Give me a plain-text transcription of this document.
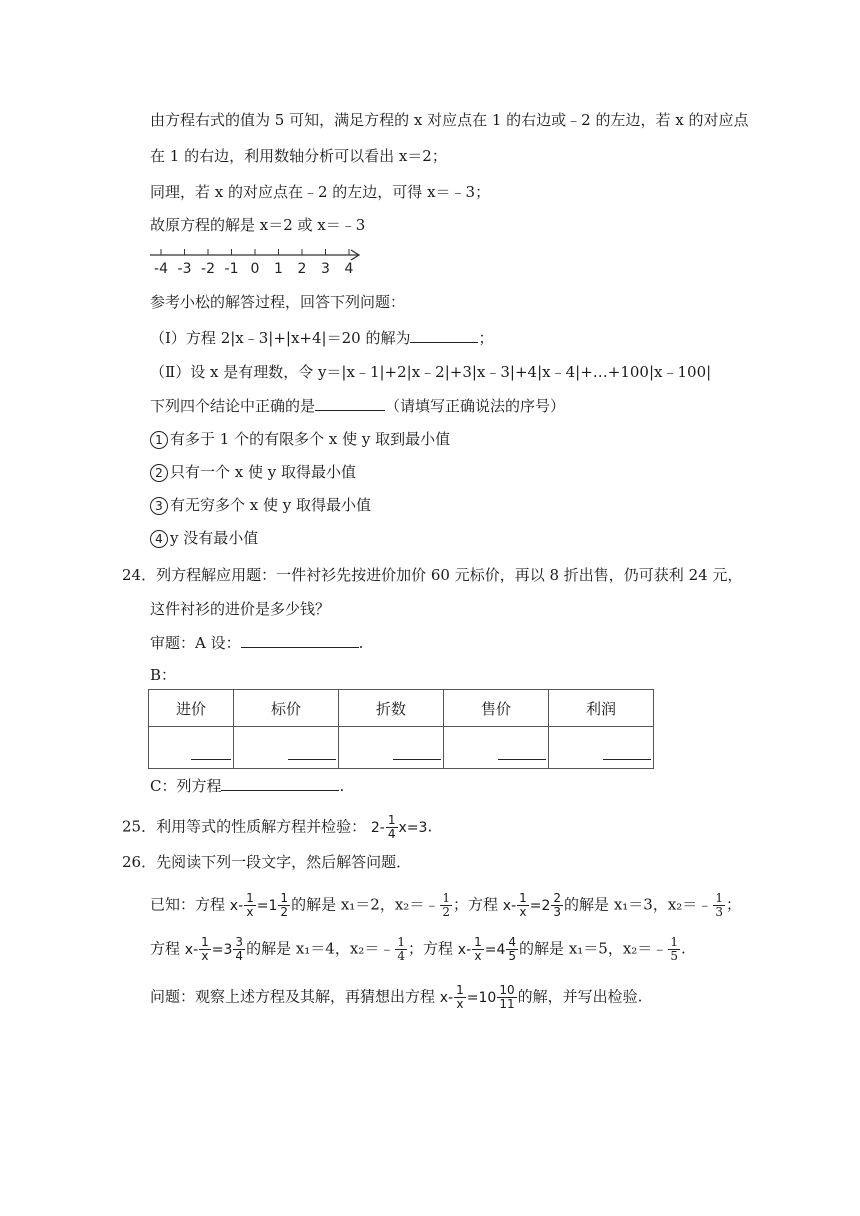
由方程右式的值为 5 可知，满足方程的 x 对应点在 1 的右边或﹣2 的左边，若 x 的对应点
在 1 的右边，利用数轴分析可以看出 x＝2；
同理，若 x 的对应点在﹣2 的左边，可得 x＝﹣3；
故原方程的解是 x＝2 或 x＝﹣3
-4 -3 -2 -1 0 1 2 3 4
参考小松的解答过程，回答下列问题：
（Ⅰ）方程 2|x﹣3|+|x+4|＝20 的解为	；
（Ⅱ）设 x 是有理数，令 y＝|x﹣1|+2|x﹣2|+3|x﹣3|+4|x﹣4|+…+100|x﹣100|
下列四个结论中正确的是	（请填写正确说法的序号）
1 有多于 1 个的有限多个 x 使 y 取到最小值
2 只有一个 x 使 y 取得最小值
3 有无穷多个 x 使 y 取得最小值
4 y 没有最小值
24．列方程解应用题：一件衬衫先按进价加价 60 元标价，再以 8 折出售，仍可获利 24 元，
这件衬衫的进价是多少钱？
审题：A 设：	.
B：
进价	标价	折数	售价	利润

C：列方程	.
25．利用等式的性质解方程并检验： $2- \frac{1}{4} x=3$.
26．先阅读下列一段文字，然后解答问题．
已知：方程 $x- \frac{1}{x} =1 \frac{1}{2}$ 的解是 x₁＝2，x₂＝﹣ $\frac{1}{2}$ ；方程 $x- \frac{1}{x} =2 \frac{2}{3}$ 的解是 x₁＝3，x₂＝﹣ $\frac{1}{3}$ ；
方程 $x- \frac{1}{x} =3 \frac{3}{4}$ 的解是 x₁＝4，x₂＝﹣ $\frac{1}{4}$ ；方程 $x- \frac{1}{x} =4 \frac{4}{5}$ 的解是 x₁＝5，x₂＝﹣ $\frac{1}{5}$ .
问题：观察上述方程及其解，再猜想出方程 $x- \frac{1}{x} =10 \frac{10}{11}$ 的解，并写出检验.
